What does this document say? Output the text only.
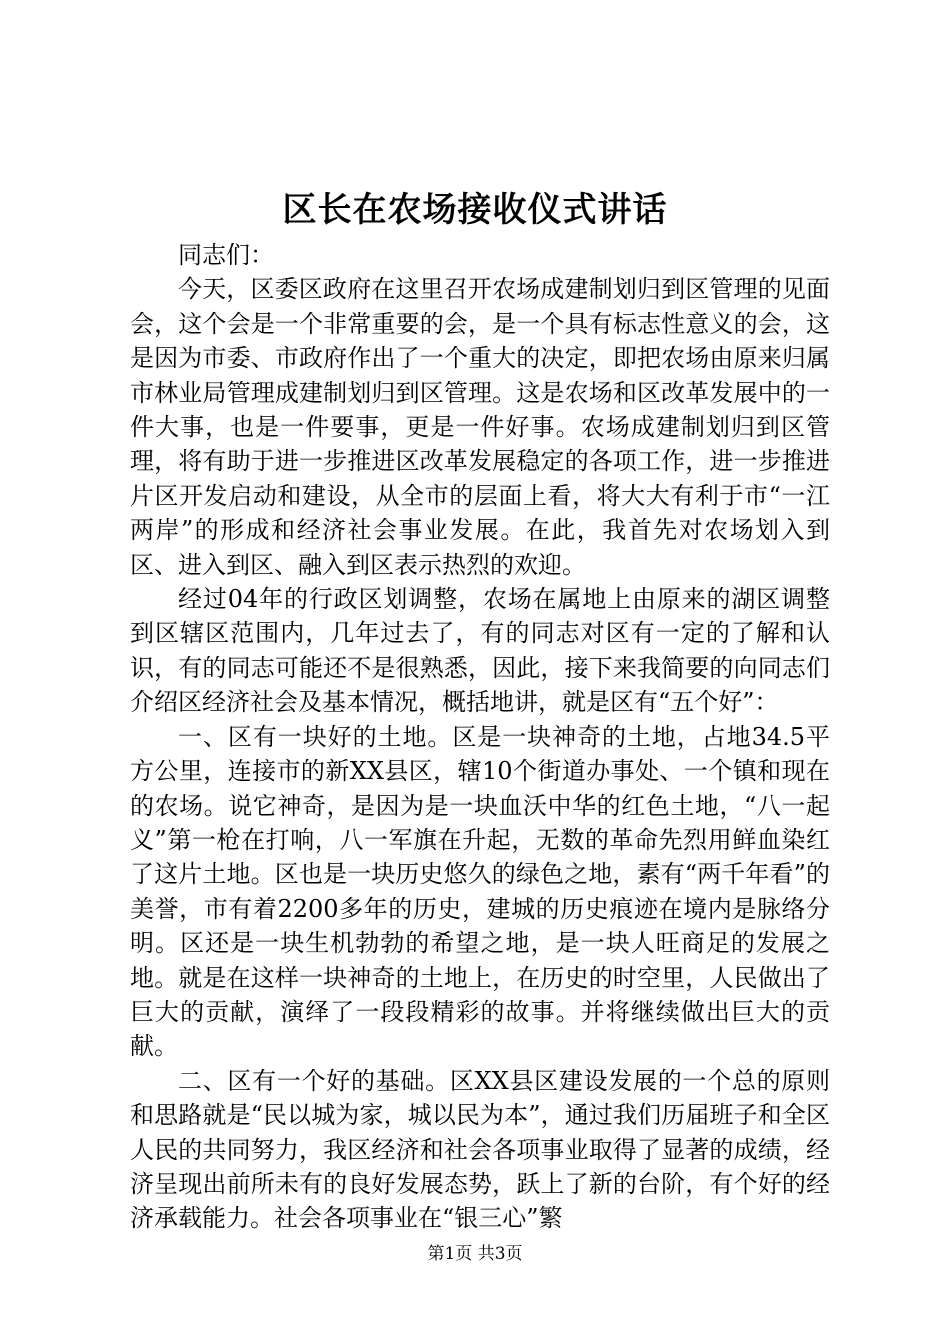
区长在农场接收仪式讲话

同志们：

今天，区委区政府在这里召开农场成建制划归到区管理的见面会，这个会是一个非常重要的会，是一个具有标志性意义的会，这是因为市委、市政府作出了一个重大的决定，即把农场由原来归属市林业局管理成建制划归到区管理。这是农场和区改革发展中的一件大事，也是一件要事，更是一件好事。农场成建制划归到区管理，将有助于进一步推进区改革发展稳定的各项工作，进一步推进片区开发启动和建设，从全市的层面上看，将大大有利于市“一江两岸”的形成和经济社会事业发展。在此，我首先对农场划入到区、进入到区、融入到区表示热烈的欢迎。

经过04年的行政区划调整，农场在属地上由原来的湖区调整到区辖区范围内，几年过去了，有的同志对区有一定的了解和认识，有的同志可能还不是很熟悉，因此，接下来我简要的向同志们介绍区经济社会及基本情况，概括地讲，就是区有“五个好”：

一、区有一块好的土地。区是一块神奇的土地，占地34.5平方公里，连接市的新XX县区，辖10个街道办事处、一个镇和现在的农场。说它神奇，是因为是一块血沃中华的红色土地，“八一起义”第一枪在打响，八一军旗在升起，无数的革命先烈用鲜血染红了这片土地。区也是一块历史悠久的绿色之地，素有“两千年看”的美誉，市有着2200多年的历史，建城的历史痕迹在境内是脉络分明。区还是一块生机勃勃的希望之地，是一块人旺商足的发展之地。就是在这样一块神奇的土地上，在历史的时空里，人民做出了巨大的贡献，演绎了一段段精彩的故事。并将继续做出巨大的贡献。

二、区有一个好的基础。区XX县区建设发展的一个总的原则和思路就是“民以城为家，城以民为本”，通过我们历届班子和全区人民的共同努力，我区经济和社会各项事业取得了显著的成绩，经济呈现出前所未有的良好发展态势，跃上了新的台阶，有个好的经济承载能力。社会各项事业在“银三心”繁

第1页 共3页
